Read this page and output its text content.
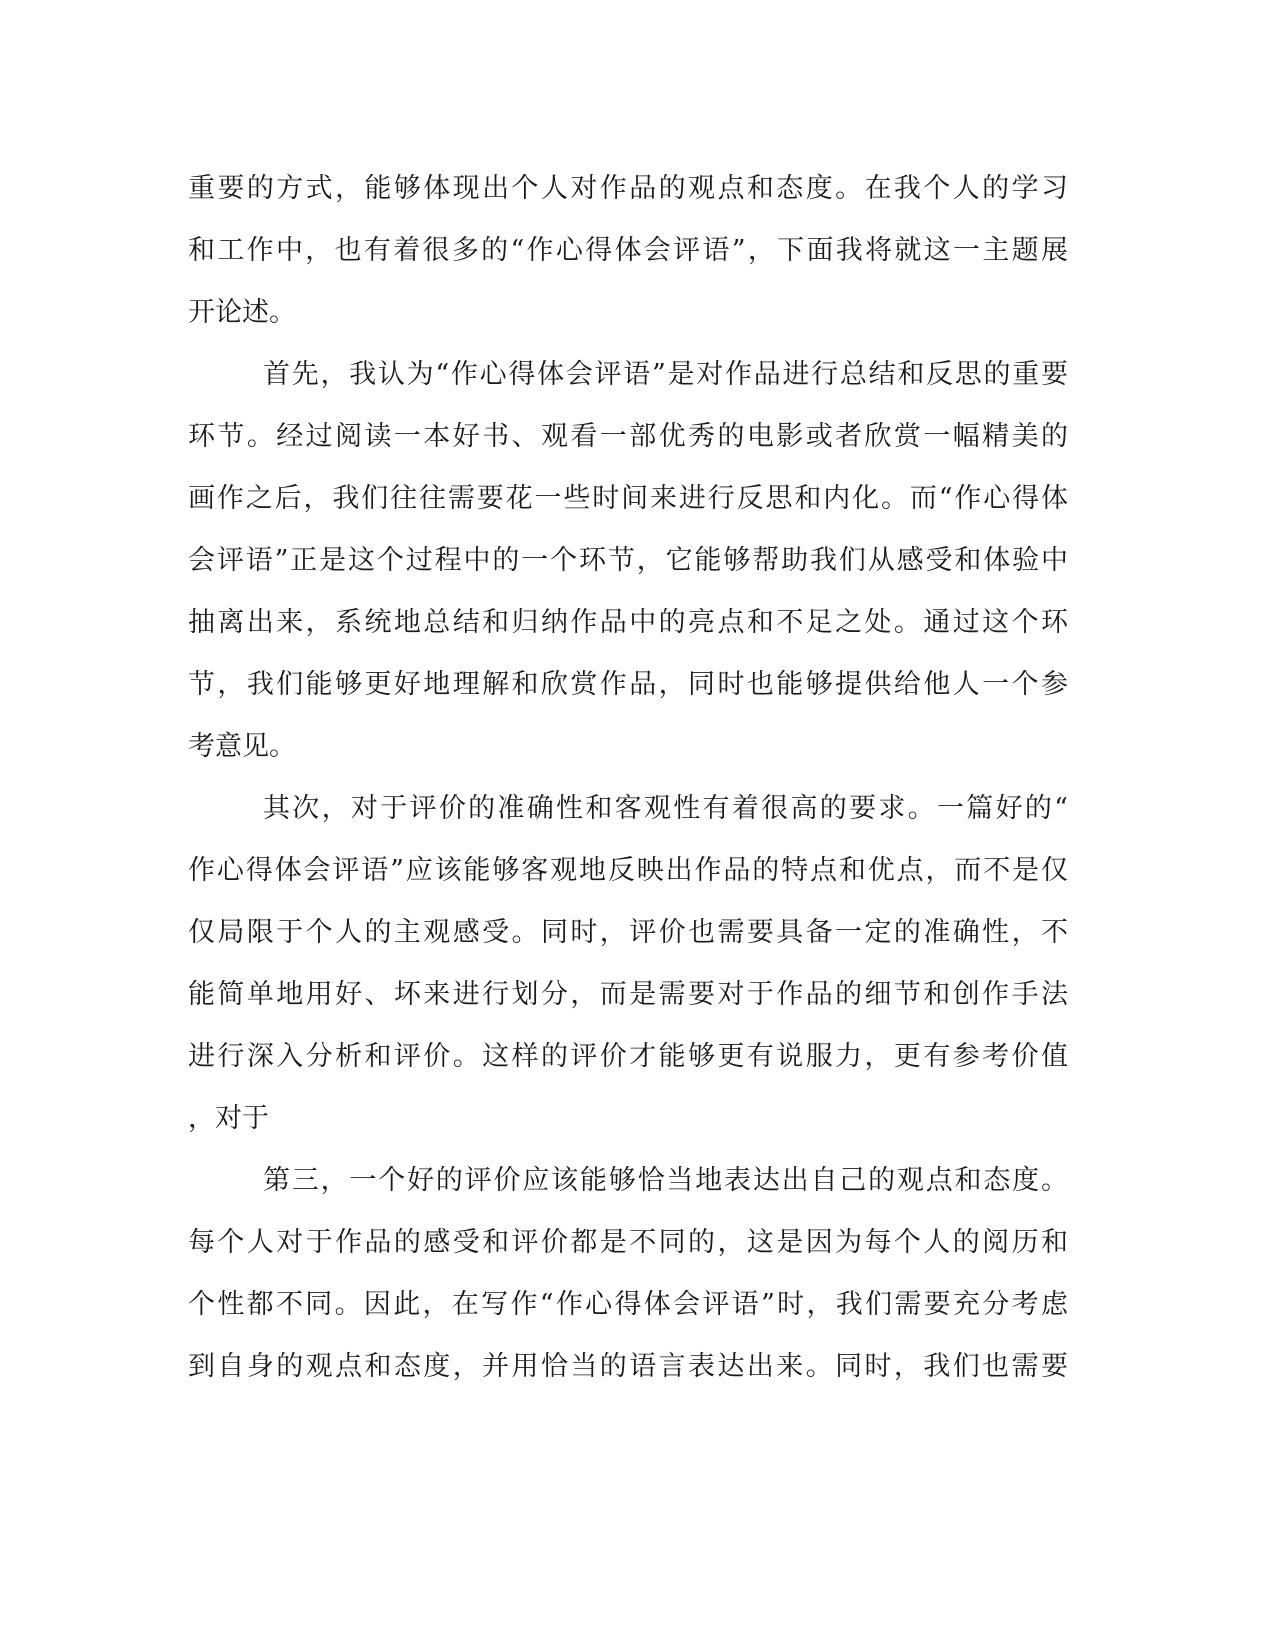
重要的方式，能够体现出个人对作品的观点和态度。在我个人的学习
和工作中，也有着很多的“作心得体会评语”，下面我将就这一主题展
开论述。
首先，我认为“作心得体会评语”是对作品进行总结和反思的重要
环节。经过阅读一本好书、观看一部优秀的电影或者欣赏一幅精美的
画作之后，我们往往需要花一些时间来进行反思和内化。而“作心得体
会评语”正是这个过程中的一个环节，它能够帮助我们从感受和体验中
抽离出来，系统地总结和归纳作品中的亮点和不足之处。通过这个环
节，我们能够更好地理解和欣赏作品，同时也能够提供给他人一个参
考意见。
其次，对于评价的准确性和客观性有着很高的要求。一篇好的“
作心得体会评语”应该能够客观地反映出作品的特点和优点，而不是仅
仅局限于个人的主观感受。同时，评价也需要具备一定的准确性，不
能简单地用好、坏来进行划分，而是需要对于作品的细节和创作手法
进行深入分析和评价。这样的评价才能够更有说服力，更有参考价值
，对于
第三，一个好的评价应该能够恰当地表达出自己的观点和态度。
每个人对于作品的感受和评价都是不同的，这是因为每个人的阅历和
个性都不同。因此，在写作“作心得体会评语”时，我们需要充分考虑
到自身的观点和态度，并用恰当的语言表达出来。同时，我们也需要
